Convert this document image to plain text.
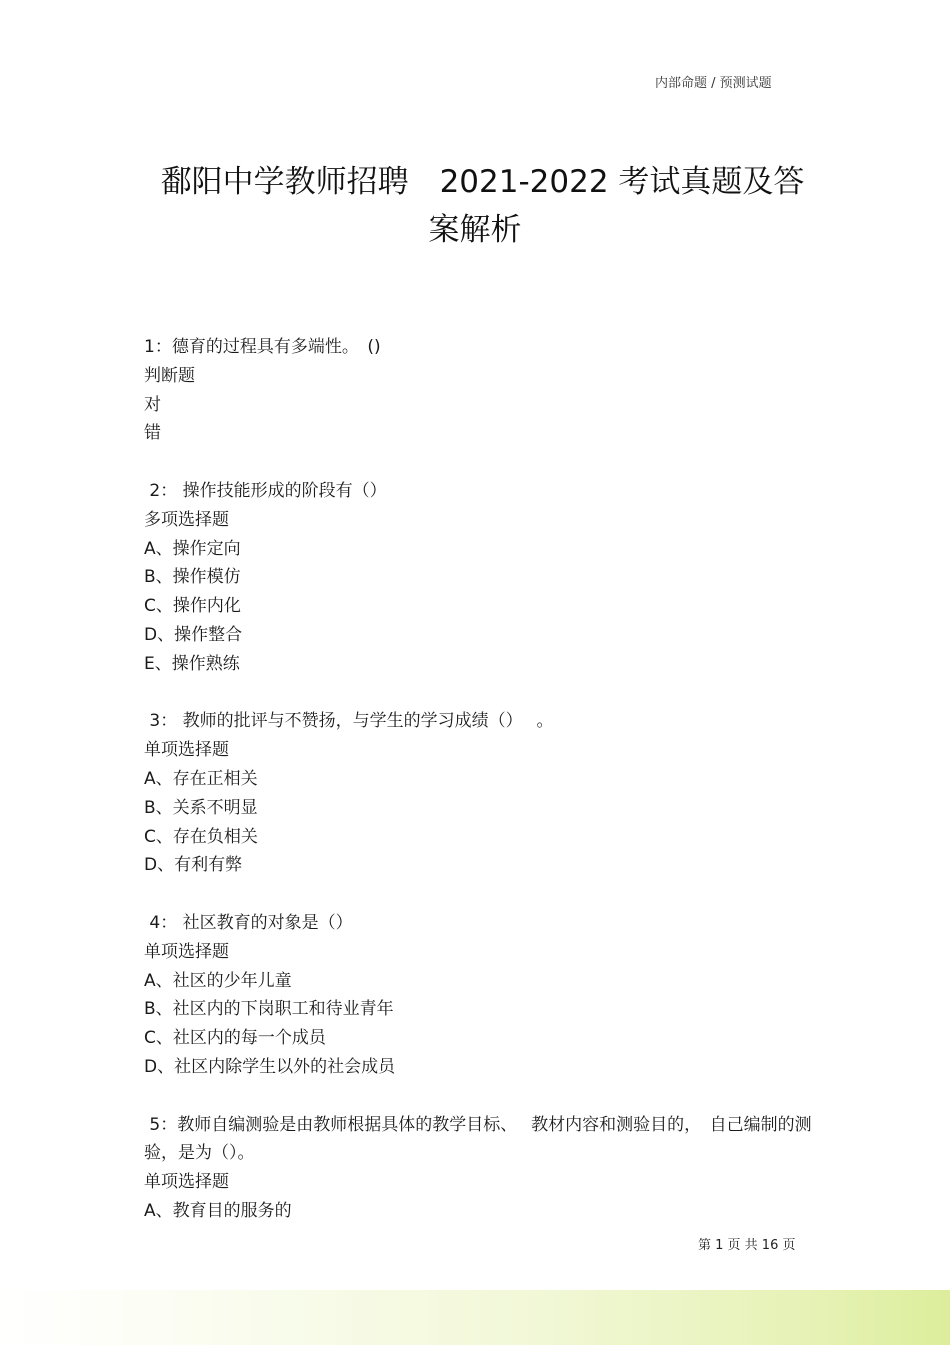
内部命题 / 预测试题
鄱阳中学教师招聘　2021-2022 考试真题及答
案解析
1：德育的过程具有多端性。　()
判断题
对
错
2： 操作技能形成的阶段有（）
多项选择题
A、操作定向
B、操作模仿
C、操作内化
D、操作整合
E、操作熟练
3： 教师的批评与不赞扬，与学生的学习成绩（）　 。
单项选择题
A、存在正相关
B、关系不明显
C、存在负相关
D、有利有弊
4： 社区教育的对象是（）
单项选择题
A、社区的少年儿童
B、社区内的下岗职工和待业青年
C、社区内的每一个成员
D、社区内除学生以外的社会成员
5：教师自编测验是由教师根据具体的教学目标、　 教材内容和测验目的，　自己编制的测验，是为（）。
单项选择题
A、教育目的服务的
第 1 页 共 16 页
